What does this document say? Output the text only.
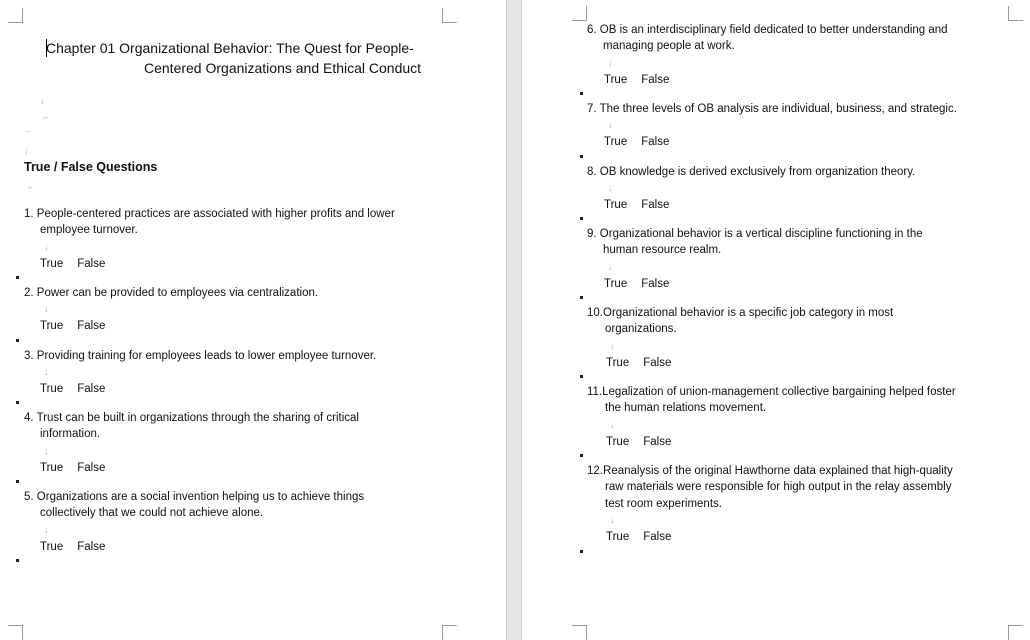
Chapter 01 Organizational Behavior: The Quest for People-
Centered Organizations and Ethical Conduct
↓
⌐
⌐
↓
True / False Questions
⌐
1. People-centered practices are associated with higher profits and lower
employee turnover.
↓
True False
2. Power can be provided to employees via centralization.
↓
True False
3. Providing training for employees leads to lower employee turnover.
↓
True False
4. Trust can be built in organizations through the sharing of critical
information.
↓
True False
5. Organizations are a social invention helping us to achieve things
collectively that we could not achieve alone.
↓
True False
6. OB is an interdisciplinary field dedicated to better understanding and
managing people at work.
↓
True False
7. The three levels of OB analysis are individual, business, and strategic.
↓
True False
8. OB knowledge is derived exclusively from organization theory.
↓
True False
9. Organizational behavior is a vertical discipline functioning in the
human resource realm.
↓
True False
10.Organizational behavior is a specific job category in most
organizations.
↓
True False
11.Legalization of union-management collective bargaining helped foster
the human relations movement.
↓
True False
12.Reanalysis of the original Hawthorne data explained that high-quality
raw materials were responsible for high output in the relay assembly
test room experiments.
↓
True False
